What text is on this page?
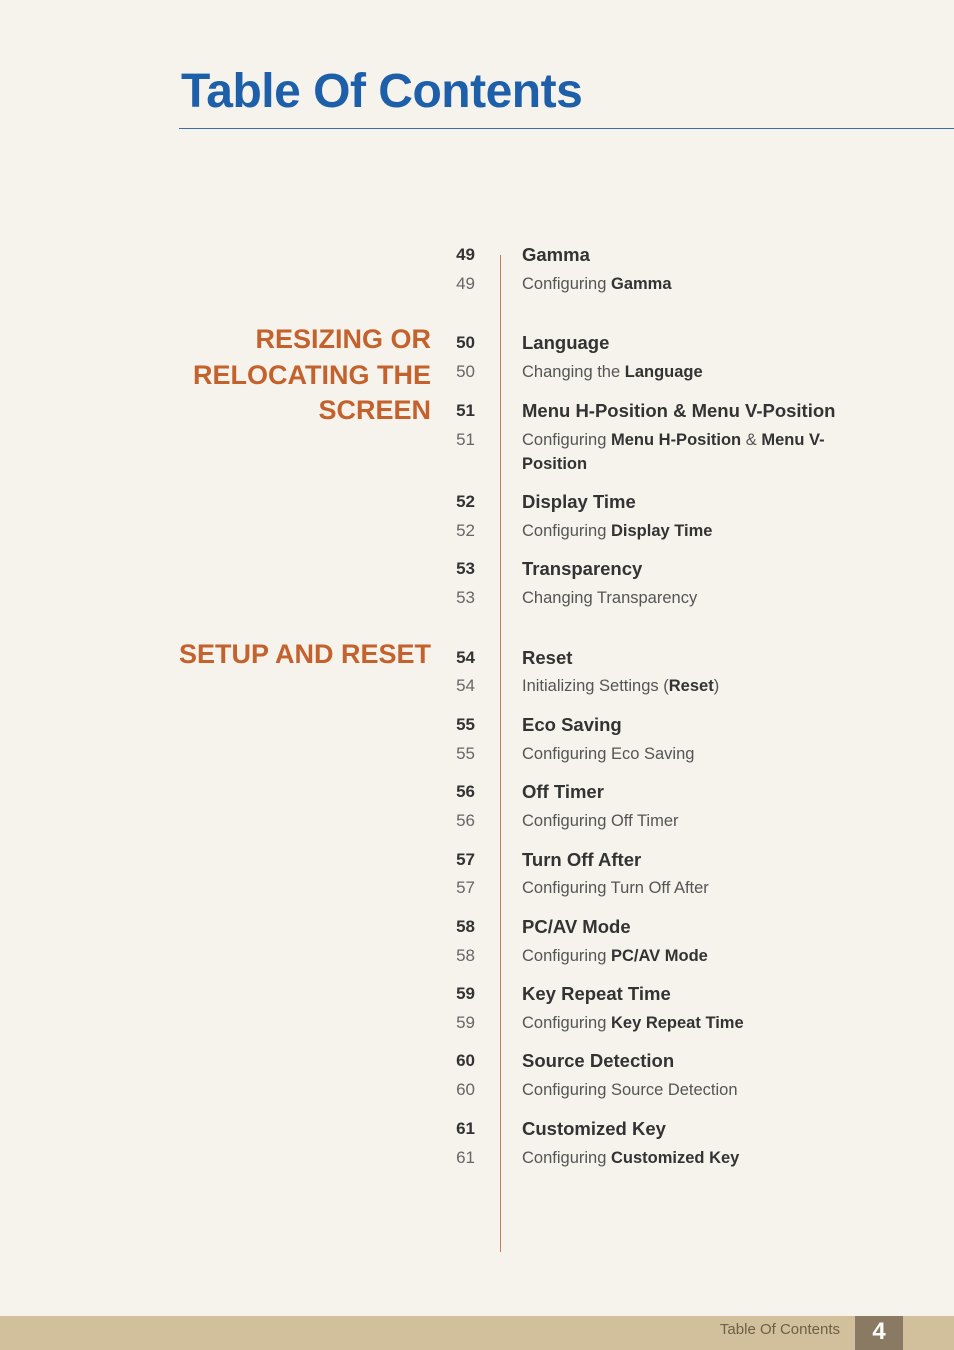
Table Of Contents
RESIZING OR
RELOCATING THE
SCREEN
SETUP AND RESET
49	Gamma
49	Configuring Gamma
50	Language
50	Changing the Language
51	Menu H-Position & Menu V-Position
51	Configuring Menu H-Position & Menu V-Position
52	Display Time
52	Configuring Display Time
53	Transparency
53	Changing Transparency
54	Reset
54	Initializing Settings (Reset)
55	Eco Saving
55	Configuring Eco Saving
56	Off Timer
56	Configuring Off Timer
57	Turn Off After
57	Configuring Turn Off After
58	PC/AV Mode
58	Configuring PC/AV Mode
59	Key Repeat Time
59	Configuring Key Repeat Time
60	Source Detection
60	Configuring Source Detection
61	Customized Key
61	Configuring Customized Key
Table Of Contents	4
